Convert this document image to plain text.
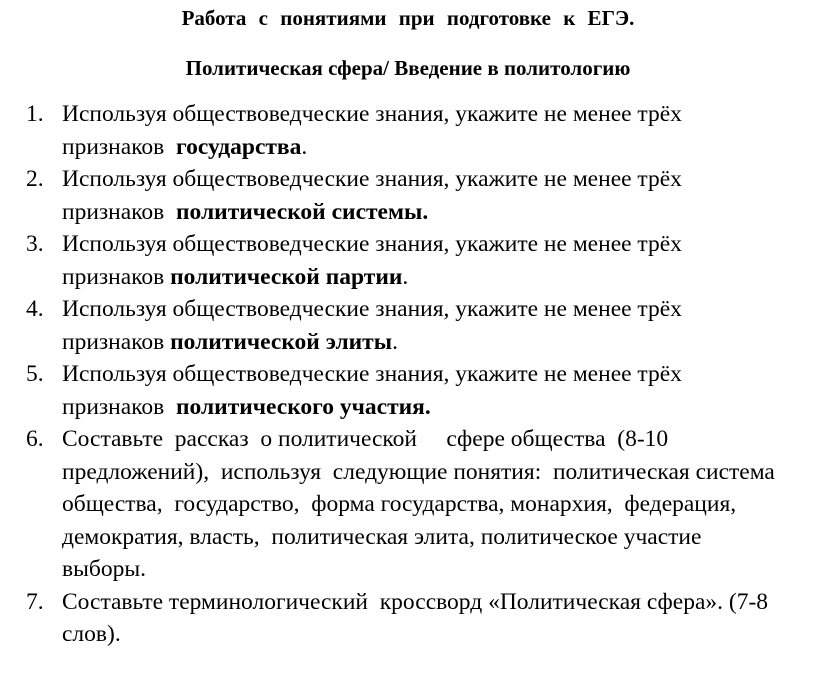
Работа с понятиями при подготовке к ЕГЭ.
Политическая сфера/ Введение в политологию
1. Используя обществоведческие знания, укажите не менее трёх
признаков  государства.
2. Используя обществоведческие знания, укажите не менее трёх
признаков  политической системы.
3. Используя обществоведческие знания, укажите не менее трёх
признаков политической партии.
4. Используя обществоведческие знания, укажите не менее трёх
признаков политической элиты.
5. Используя обществоведческие знания, укажите не менее трёх
признаков  политического участия.
6. Составьте  рассказ  о политической     сфере общества  (8-10
предложений),  используя  следующие понятия:  политическая система
общества,  государство,  форма государства, монархия,  федерация,
демократия, власть,  политическая элита, политическое участие
выборы.
7. Составьте терминологический  кроссворд «Политическая сфера». (7-8
слов).
